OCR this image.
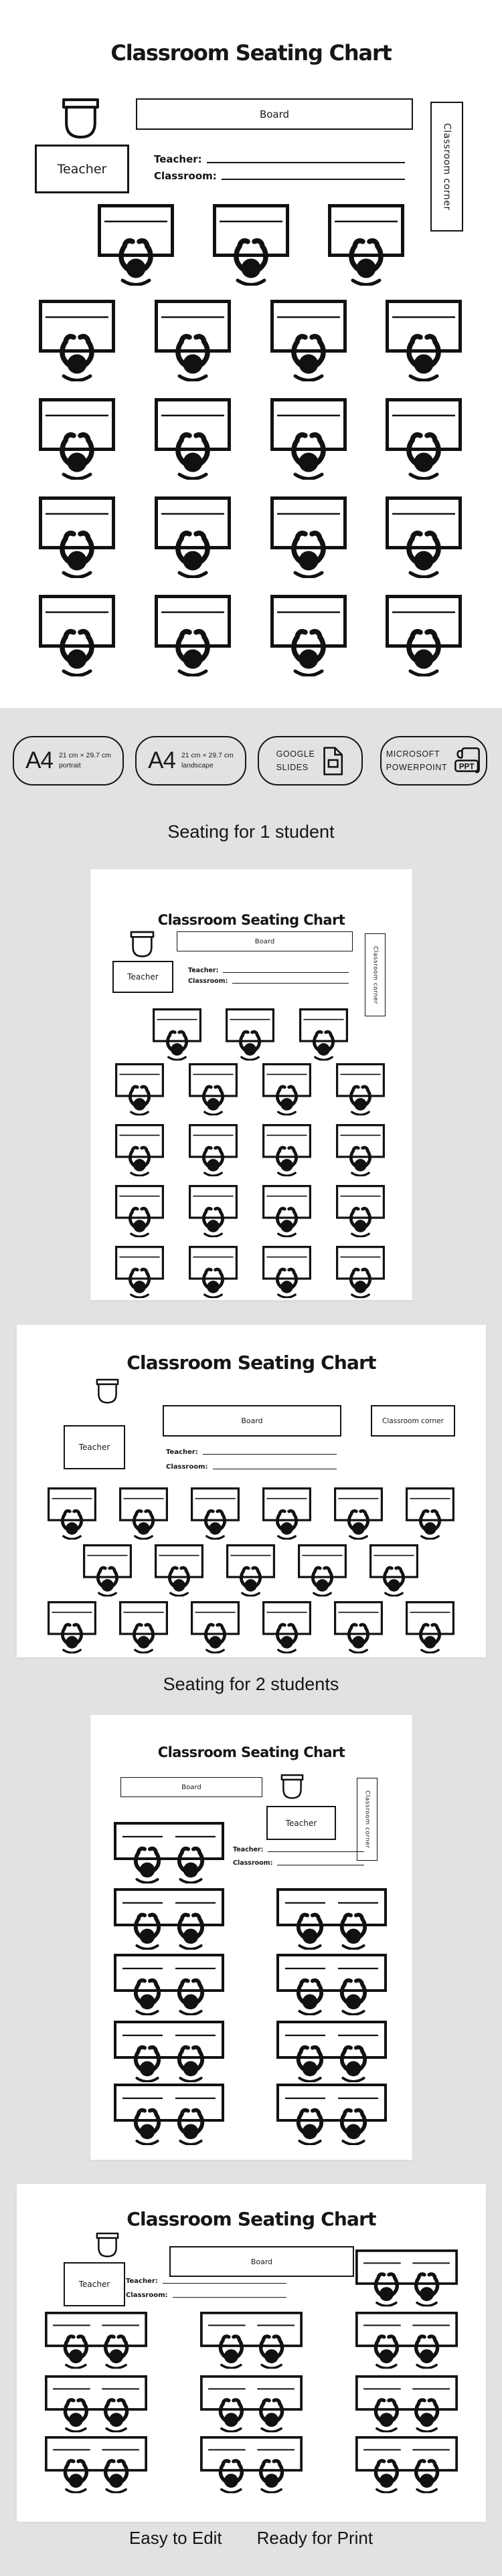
Classroom Seating Chart
Board
Classroom corner
Teacher
Teacher:
Classroom:
A4 21 cm × 29.7 cm
portrait	A4 21 cm × 29.7 cm
landscape
GOOGLE
SLIDES
MICROSOFT
POWERPOINT
Seating for 1 student
Classroom Seating Chart
Board
Classroom corner
Teacher
Teacher:
Classroom:
Classroom Seating Chart
Teacher
Board	Classroom corner
Teacher:
Classroom:
Seating for 2 students
Classroom Seating Chart
Board
Teacher	Classroom corner
Teacher:
Classroom:
Classroom Seating Chart
Teacher
Board
Teacher:
Classroom:
Easy to Edit Ready for Print
